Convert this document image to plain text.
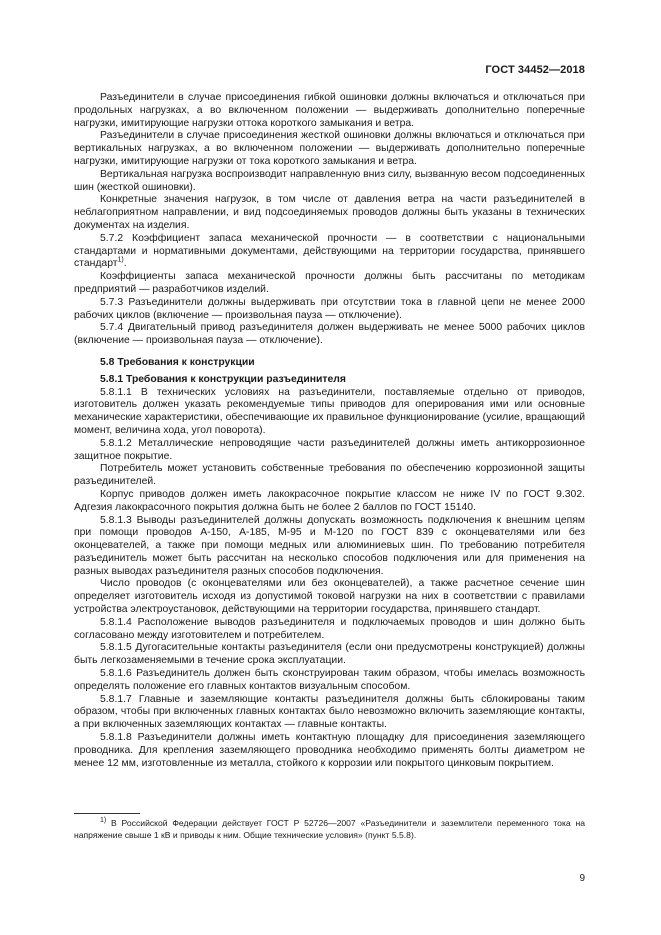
ГОСТ 34452—2018

Разъединители в случае присоединения гибкой ошиновки должны включаться и отключаться при продольных нагрузках, а во включенном положении — выдерживать дополнительно поперечные нагрузки, имитирующие нагрузки оттока короткого замыкания и ветра.

Разъединители в случае присоединения жесткой ошиновки должны включаться и отключаться при вертикальных нагрузках, а во включенном положении — выдерживать дополнительно поперечные нагрузки, имитирующие нагрузки от тока короткого замыкания и ветра.

Вертикальная нагрузка воспроизводит направленную вниз силу, вызванную весом подсоединенных шин (жесткой ошиновки).

Конкретные значения нагрузок, в том числе от давления ветра на части разъединителей в неблагоприятном направлении, и вид подсоединяемых проводов должны быть указаны в технических документах на изделия.

5.7.2 Коэффициент запаса механической прочности — в соответствии с национальными стандартами и нормативными документами, действующими на территории государства, принявшего стандарт$^{1)}$.

Коэффициенты запаса механической прочности должны быть рассчитаны по методикам предприятий — разработчиков изделий.

5.7.3 Разъединители должны выдерживать при отсутствии тока в главной цепи не менее 2000 рабочих циклов (включение — произвольная пауза — отключение).

5.7.4 Двигательный привод разъединителя должен выдерживать не менее 5000 рабочих циклов (включение — произвольная пауза — отключение).

5.8 Требования к конструкции

5.8.1 Требования к конструкции разъединителя

5.8.1.1 В технических условиях на разъединители, поставляемые отдельно от приводов, изготовитель должен указать рекомендуемые типы приводов для оперирования ими или основные механические характеристики, обеспечивающие их правильное функционирование (усилие, вращающий момент, величина хода, угол поворота).

5.8.1.2 Металлические непроводящие части разъединителей должны иметь антикоррозионное защитное покрытие.

Потребитель может установить собственные требования по обеспечению коррозионной защиты разъединителей.

Корпус приводов должен иметь лакокрасочное покрытие классом не ниже IV по ГОСТ 9.302. Адгезия лакокрасочного покрытия должна быть не более 2 баллов по ГОСТ 15140.

5.8.1.3 Выводы разъединителей должны допускать возможность подключения к внешним цепям при помощи проводов А-150, А-185, М-95 и М-120 по ГОСТ 839 с оконцевателями или без оконцевателей, а также при помощи медных или алюминиевых шин. По требованию потребителя разъединитель может быть рассчитан на несколько способов подключения или для применения на разных выводах разъединителя разных способов подключения.

Число проводов (с оконцевателями или без оконцевателей), а также расчетное сечение шин определяет изготовитель исходя из допустимой токовой нагрузки на них в соответствии с правилами устройства электроустановок, действующими на территории государства, принявшего стандарт.

5.8.1.4 Расположение выводов разъединителя и подключаемых проводов и шин должно быть согласовано между изготовителем и потребителем.

5.8.1.5 Дугогасительные контакты разъединителя (если они предусмотрены конструкцией) должны быть легкозаменяемыми в течение срока эксплуатации.

5.8.1.6 Разъединитель должен быть сконструирован таким образом, чтобы имелась возможность определять положение его главных контактов визуальным способом.

5.8.1.7 Главные и заземляющие контакты разъединителя должны быть сблокированы таким образом, чтобы при включенных главных контактах было невозможно включить заземляющие контакты, а при включенных заземляющих контактах — главные контакты.

5.8.1.8 Разъединители должны иметь контактную площадку для присоединения заземляющего проводника. Для крепления заземляющего проводника необходимо применять болты диаметром не менее 12 мм, изготовленные из металла, стойкого к коррозии или покрытого цинковым покрытием.

$^{1)}$ В Российской Федерации действует ГОСТ Р 52726—2007 «Разъединители и заземлители переменного тока на напряжение свыше 1 кВ и приводы к ним. Общие технические условия» (пункт 5.5.8).

9
